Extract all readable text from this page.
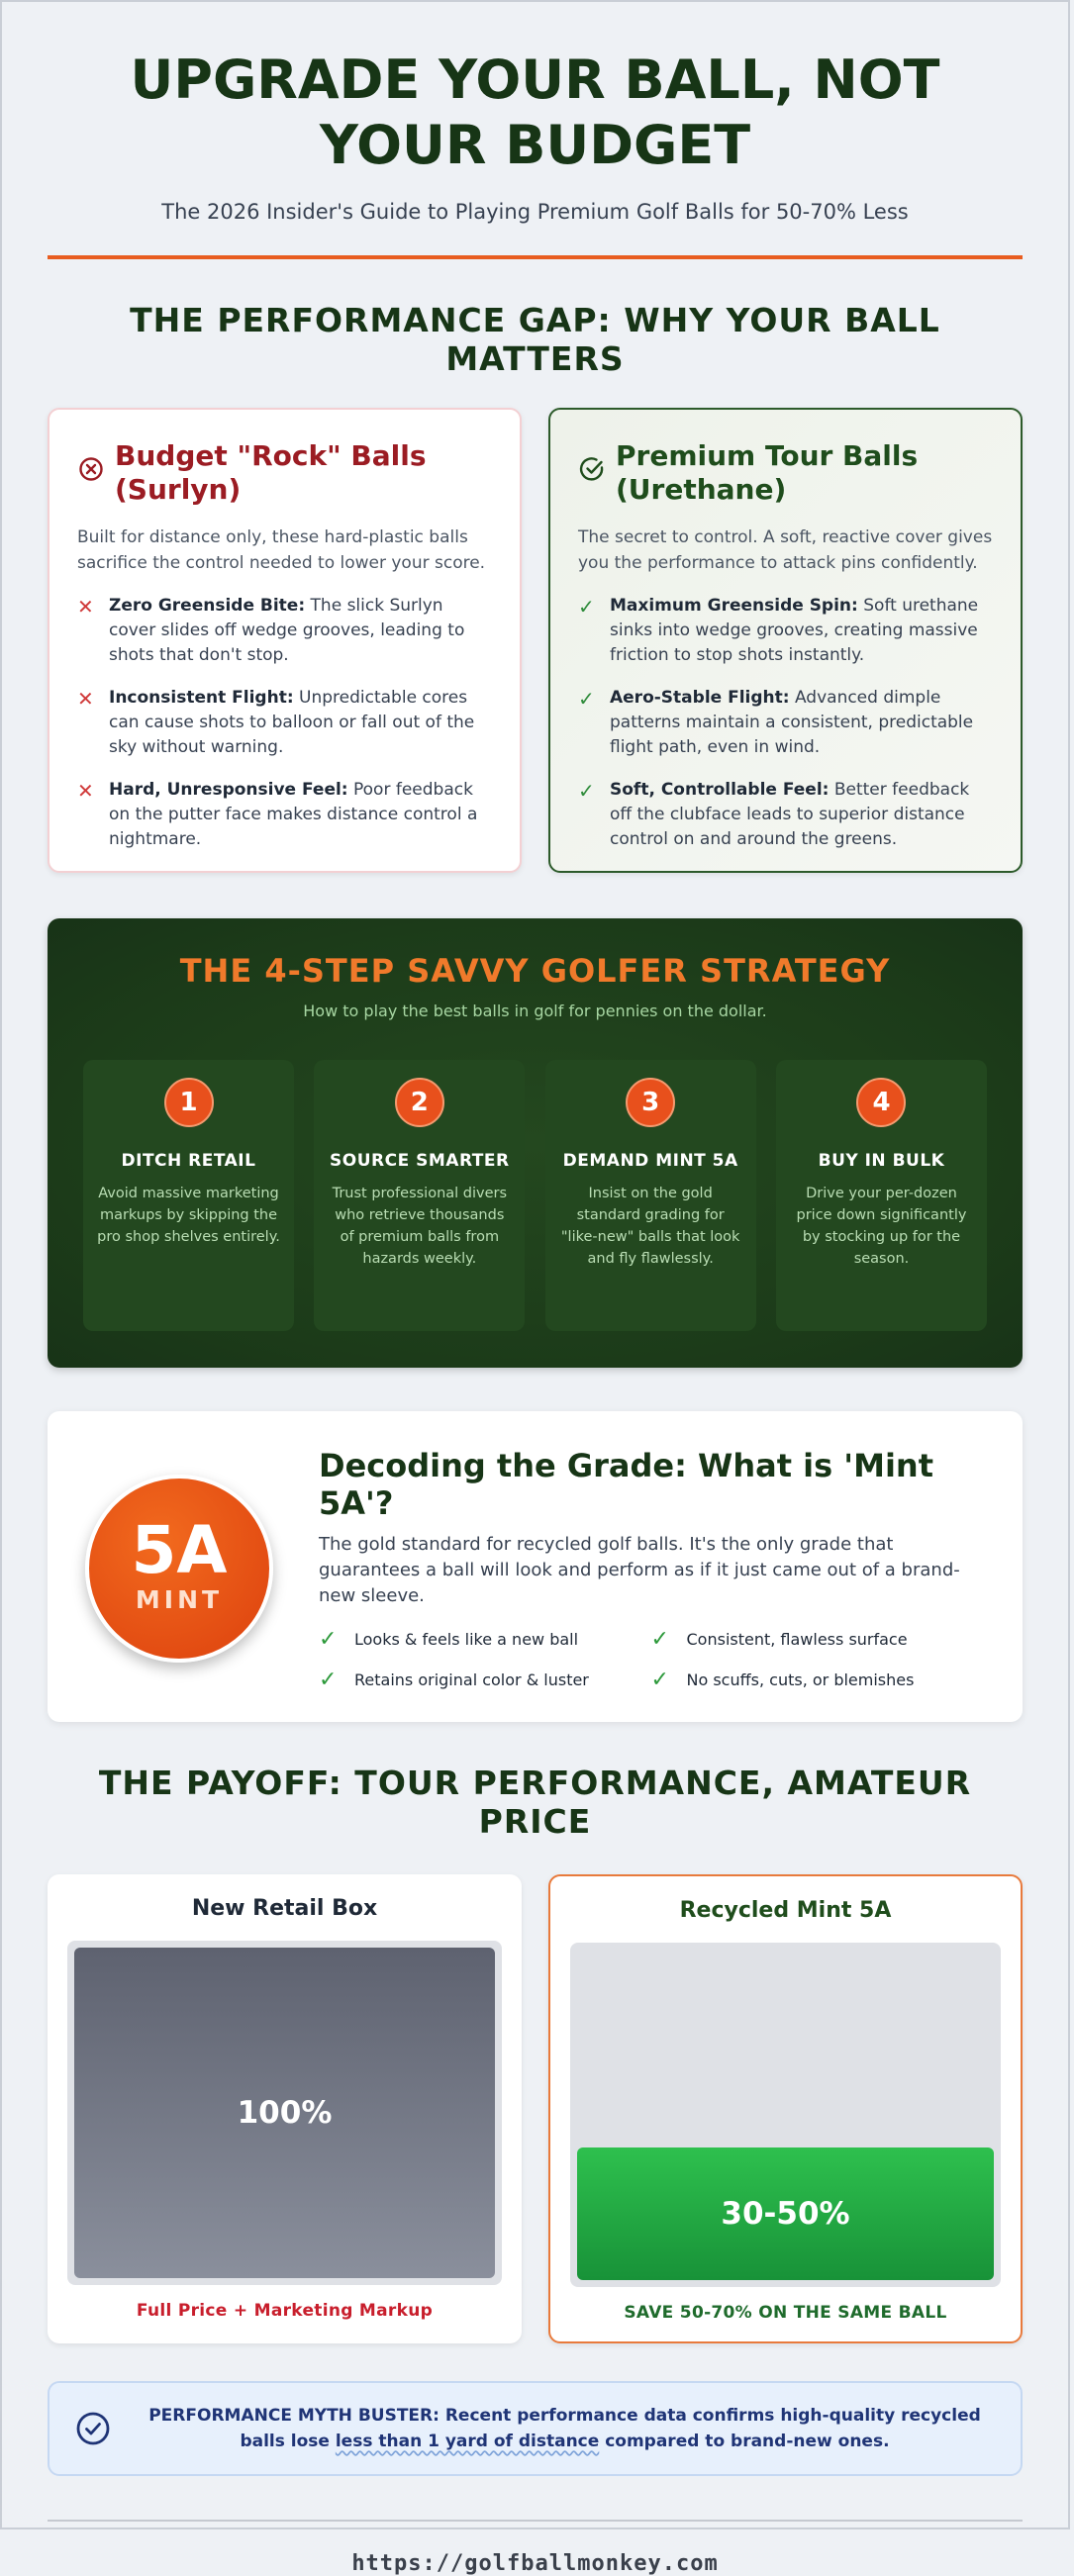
UPGRADE YOUR BALL, NOT YOUR BUDGET
The 2026 Insider's Guide to Playing Premium Golf Balls for 50-70% Less
THE PERFORMANCE GAP: WHY YOUR BALL MATTERS
Budget "Rock" Balls (Surlyn)
Built for distance only, these hard-plastic balls sacrifice the control needed to lower your score.
✕ Zero Greenside Bite: The slick Surlyn cover slides off wedge grooves, leading to shots that don't stop.
✕ Inconsistent Flight: Unpredictable cores can cause shots to balloon or fall out of the sky without warning.
✕ Hard, Unresponsive Feel: Poor feedback on the putter face makes distance control a nightmare.
Premium Tour Balls (Urethane)
The secret to control. A soft, reactive cover gives you the performance to attack pins confidently.
✓ Maximum Greenside Spin: Soft urethane sinks into wedge grooves, creating massive friction to stop shots instantly.
✓ Aero-Stable Flight: Advanced dimple patterns maintain a consistent, predictable flight path, even in wind.
✓ Soft, Controllable Feel: Better feedback off the clubface leads to superior distance control on and around the greens.
THE 4-STEP SAVVY GOLFER STRATEGY
How to play the best balls in golf for pennies on the dollar.
1
DITCH RETAIL
Avoid massive marketing markups by skipping the pro shop shelves entirely.
2
SOURCE SMARTER
Trust professional divers who retrieve thousands of premium balls from hazards weekly.
3
DEMAND MINT 5A
Insist on the gold standard grading for "like-new" balls that look and fly flawlessly.
4
BUY IN BULK
Drive your per-dozen price down significantly by stocking up for the season.
5A
MINT
Decoding the Grade: What is 'Mint 5A'?
The gold standard for recycled golf balls. It's the only grade that guarantees a ball will look and perform as if it just came out of a brand-new sleeve.
✓	Looks & feels like a new ball	✓	Consistent, flawless surface
✓	Retains original color & luster	✓	No scuffs, cuts, or blemishes
THE PAYOFF: TOUR PERFORMANCE, AMATEUR PRICE
New Retail Box
100%
Full Price + Marketing Markup
Recycled Mint 5A
30-50%
SAVE 50-70% ON THE SAME BALL
PERFORMANCE MYTH BUSTER: Recent performance data confirms high-quality recycled balls lose less than 1 yard of distance compared to brand-new ones.
https://golfballmonkey.com
